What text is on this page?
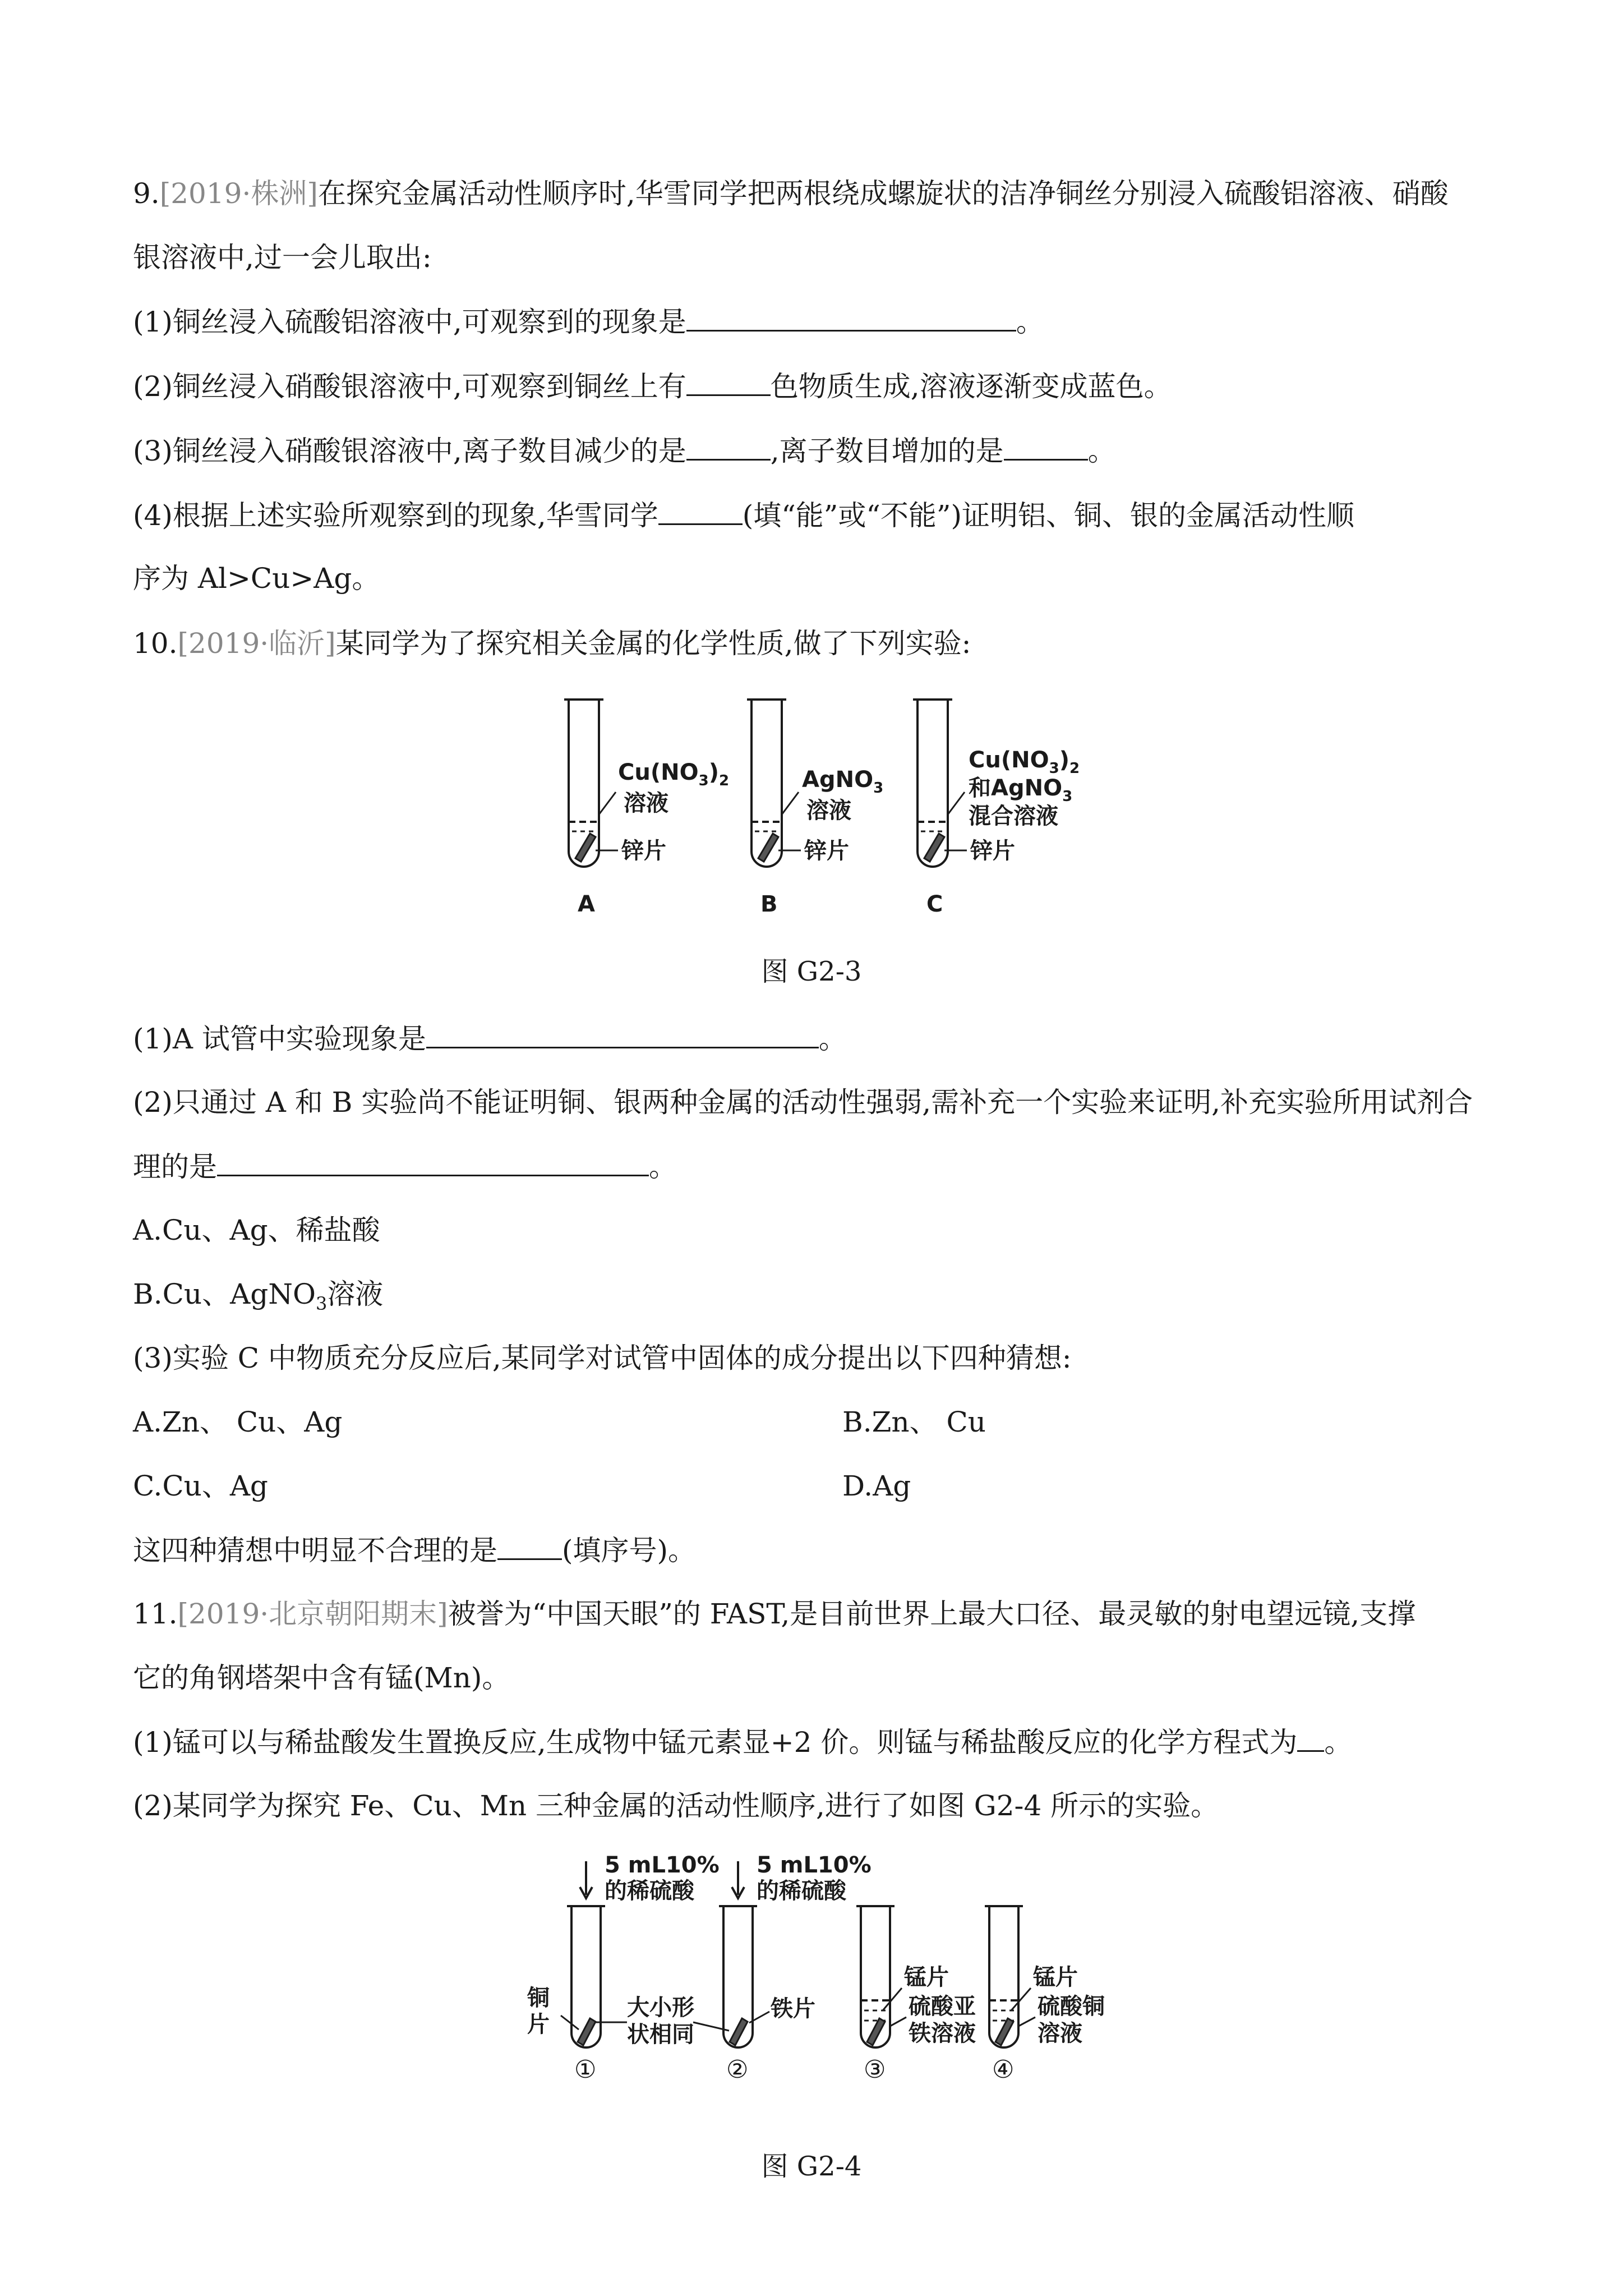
9.[2019·株洲]在探究金属活动性顺序时,华雪同学把两根绕成螺旋状的洁净铜丝分别浸入硫酸铝溶液、硝酸
银溶液中,过一会儿取出:
(1)铜丝浸入硫酸铝溶液中,可观察到的现象是	。
(2)铜丝浸入硝酸银溶液中,可观察到铜丝上有	色物质生成,溶液逐渐变成蓝色。
(3)铜丝浸入硝酸银溶液中,离子数目减少的是	,离子数目增加的是	。
(4)根据上述实验所观察到的现象,华雪同学	(填“能”或“不能”)证明铝、铜、银的金属活动性顺
序为 Al>Cu>Ag。
10.[2019·临沂]某同学为了探究相关金属的化学性质,做了下列实验:
$Cu(NO_3)_2$
溶液
锌片
A
AgNO$_3$
溶液
锌片
B
$Cu(NO_3)_2$
和AgNO$_3$
混合溶液
锌片
C
5 mL10%
的稀硫酸
5 mL10%
的稀硫酸
铜
片
大小形
状相同
铁片
锰片
硫酸亚
铁溶液
锰片
硫酸铜
溶液
①	②	③	④
图 G2-3
(1)A 试管中实验现象是	。
(2)只通过 A 和 B 实验尚不能证明铜、银两种金属的活动性强弱,需补充一个实验来证明,补充实验所用试剂合
理的是	。
A.Cu、Ag、稀盐酸
B.Cu、AgNO$_3$溶液
(3)实验 C 中物质充分反应后,某同学对试管中固体的成分提出以下四种猜想:
A.Zn、 Cu、Ag	B.Zn、 Cu
C.Cu、Ag	D.Ag
这四种猜想中明显不合理的是 (填序号)。
11.[2019·北京朝阳期末]被誉为“中国天眼”的 FAST,是目前世界上最大口径、最灵敏的射电望远镜,支撑
它的角钢塔架中含有锰(Mn)。
(1)锰可以与稀盐酸发生置换反应,生成物中锰元素显+2 价。则锰与稀盐酸反应的化学方程式为 。
(2)某同学为探究 Fe、Cu、Mn 三种金属的活动性顺序,进行了如图 G2-4 所示的实验。
图 G2-4
